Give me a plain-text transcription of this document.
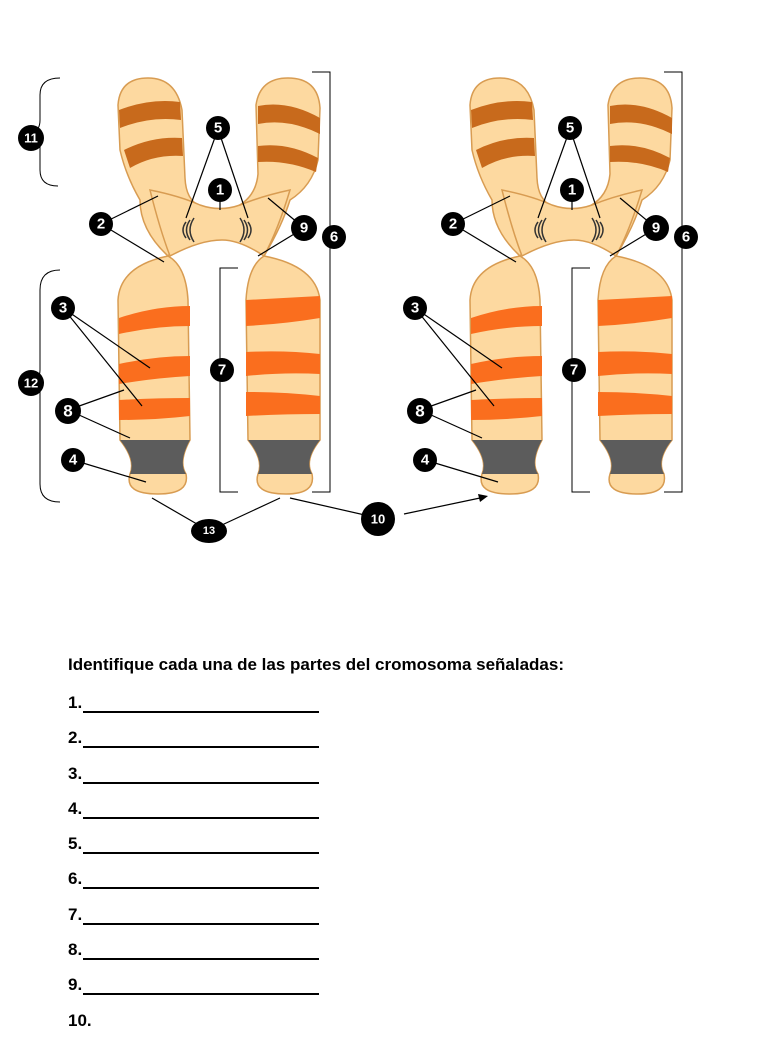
5
1
2	9
6
3
7
8
4
11
12
13
10
5
1
2	9
6
3
7
8
4

Identifique cada una de las partes del cromosoma señaladas:

1.
2.
3.
4.
5.
6.
7.
8.
9.
10.
